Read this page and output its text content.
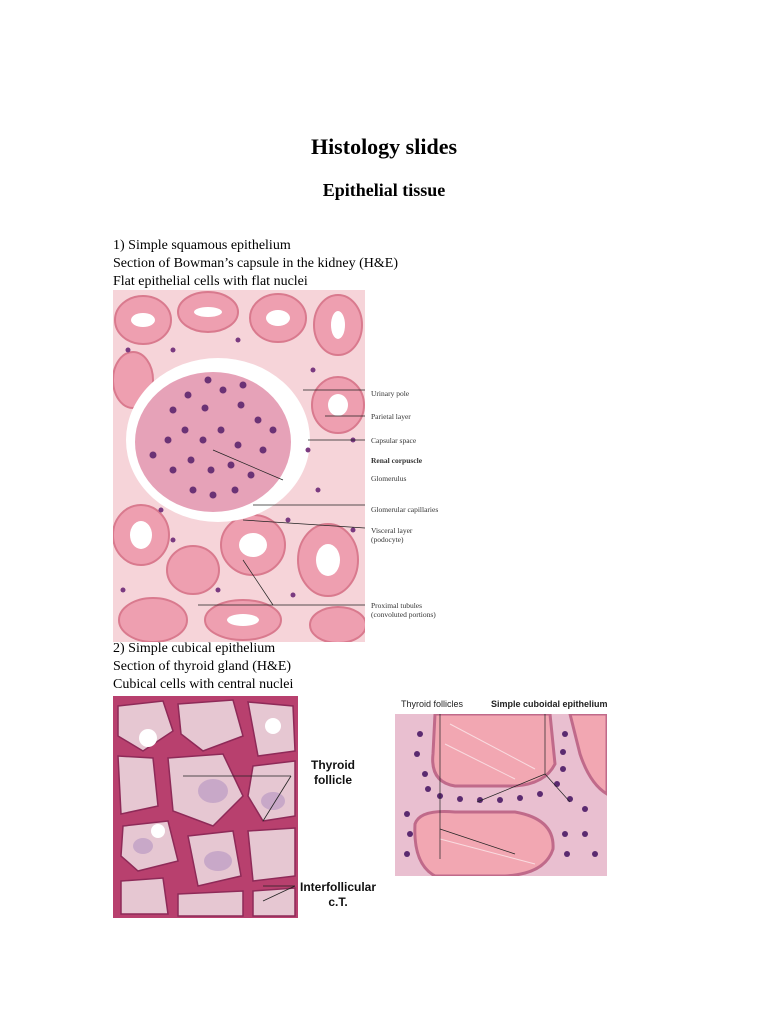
Histology slides
Epithelial tissue
1) Simple squamous epithelium
Section of Bowman’s capsule in the kidney (H&E)
Flat epithelial cells with flat nuclei
Urinary pole
Parietal layer
Capsular space
Renal corpuscle
Glomerulus
Glomerular capillaries
Visceral layer
(podocyte)
Proximal tubules
(convoluted portions)
2) Simple cubical epithelium
Section of thyroid gland (H&E)
Cubical cells with central nuclei
Thyroid
follicle
Interfollicular
c.T.
Thyroid follicles	Simple cuboidal epithelium
